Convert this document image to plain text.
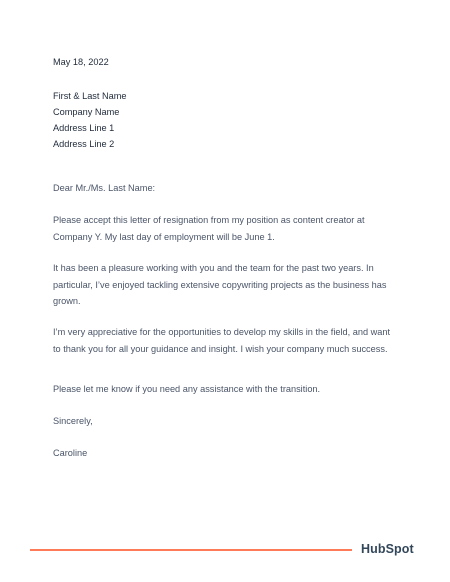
May 18, 2022
First & Last Name
Company Name
Address Line 1
Address Line 2
Dear Mr./Ms. Last Name:
Please accept this letter of resignation from my position as content creator at Company Y. My last day of employment will be June 1.
It has been a pleasure working with you and the team for the past two years. In particular, I’ve enjoyed tackling extensive copywriting projects as the business has grown.
I’m very appreciative for the opportunities to develop my skills in the field, and want to thank you for all your guidance and insight. I wish your company much success.
Please let me know if you need any assistance with the transition.
Sincerely,
Caroline
HubSpot
